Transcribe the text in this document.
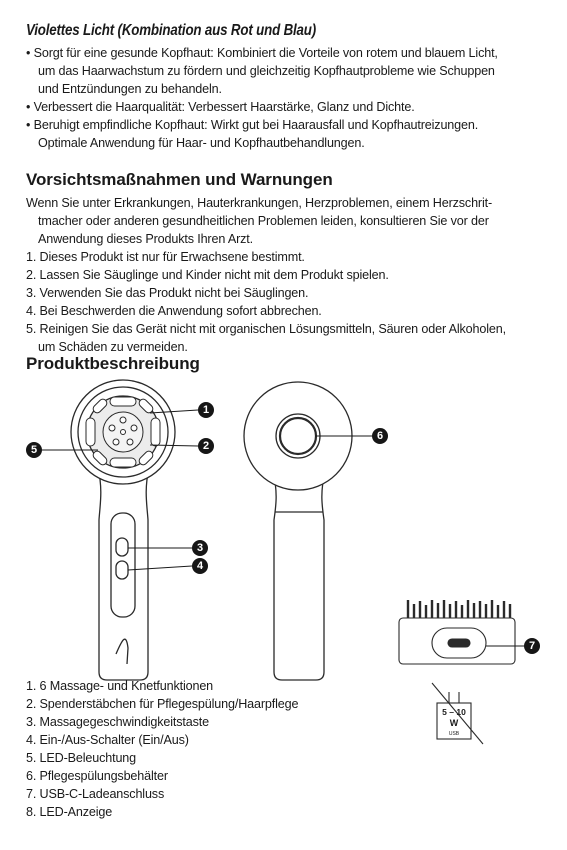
Violettes Licht (Kombination aus Rot und Blau)
• Sorgt für eine gesunde Kopfhaut: Kombiniert die Vorteile von rotem und blauem Licht,
um das Haarwachstum zu fördern und gleichzeitig Kopfhautprobleme wie Schuppen
und Entzündungen zu behandeln.
• Verbessert die Haarqualität: Verbessert Haarstärke, Glanz und Dichte.
• Beruhigt empfindliche Kopfhaut: Wirkt gut bei Haarausfall und Kopfhautreizungen.
Optimale Anwendung für Haar- und Kopfhautbehandlungen.
Vorsichtsmaßnahmen und Warnungen
Wenn Sie unter Erkrankungen, Hauterkrankungen, Herzproblemen, einem Herzschrit-
tmacher oder anderen gesundheitlichen Problemen leiden, konsultieren Sie vor der
Anwendung dieses Produkts Ihren Arzt.
1. Dieses Produkt ist nur für Erwachsene bestimmt.
2. Lassen Sie Säuglinge und Kinder nicht mit dem Produkt spielen.
3. Verwenden Sie das Produkt nicht bei Säuglingen.
4. Bei Beschwerden die Anwendung sofort abbrechen.
5. Reinigen Sie das Gerät nicht mit organischen Lösungsmitteln, Säuren oder Alkoholen,
um Schäden zu vermeiden.
Produktbeschreibung
5 – 10
W
USB
1
2
3
4
5
6
7
1. 6 Massage- und Knetfunktionen
2. Spenderstäbchen für Pflegespülung/Haarpflege
3. Massagegeschwindigkeitstaste
4. Ein-/Aus-Schalter (Ein/Aus)
5. LED-Beleuchtung
6. Pflegespülungsbehälter
7. USB-C-Ladeanschluss
8. LED-Anzeige
